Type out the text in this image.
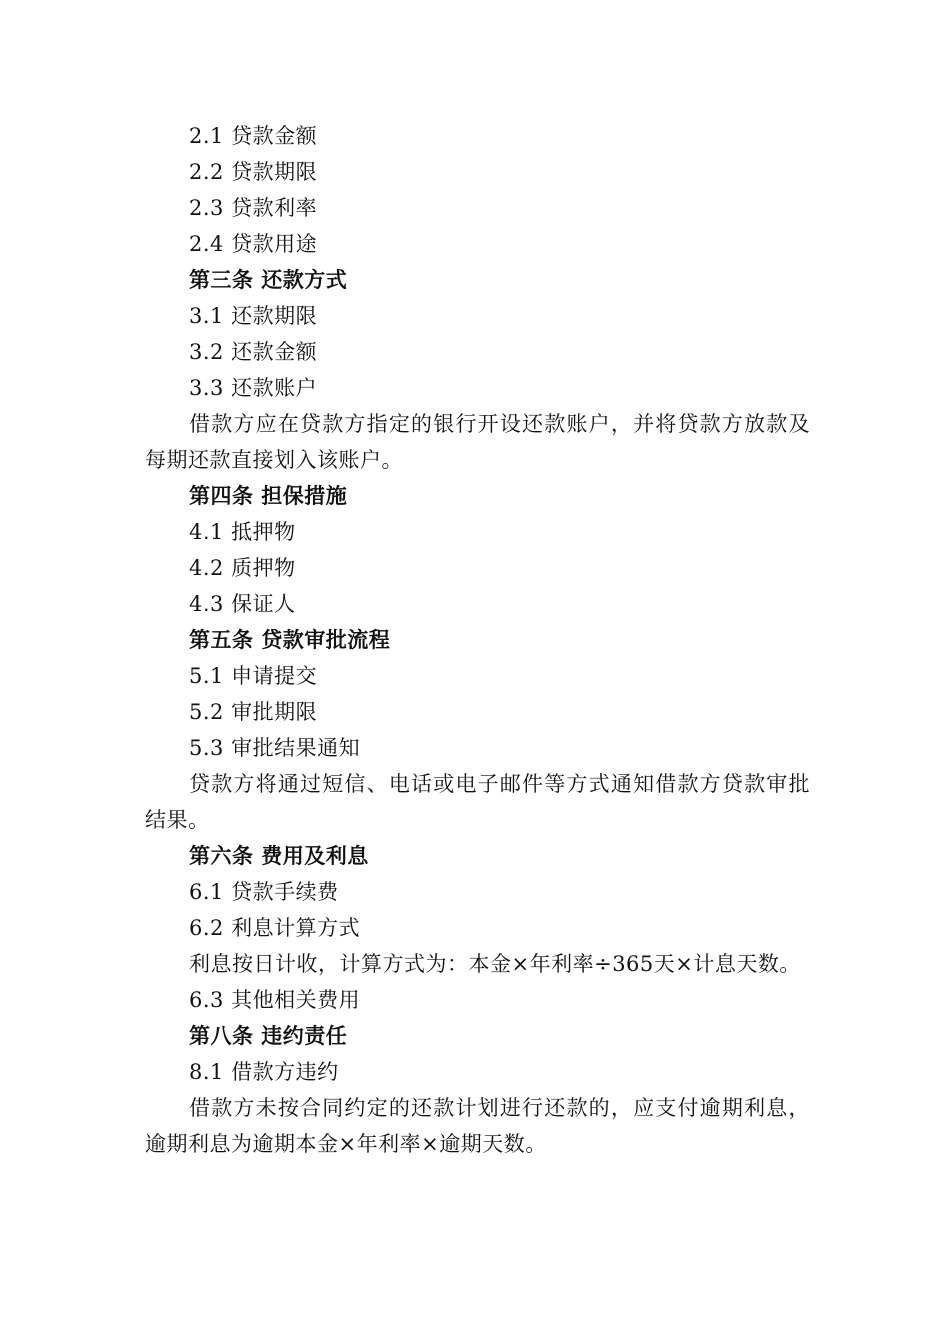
2.1 贷款金额
2.2 贷款期限
2.3 贷款利率
2.4 贷款用途
第三条 还款方式
3.1 还款期限
3.2 还款金额
3.3 还款账户

借款方应在贷款方指定的银行开设还款账户，并将贷款方放款及每期还款直接划入该账户。

第四条 担保措施
4.1 抵押物
4.2 质押物
4.3 保证人
第五条 贷款审批流程
5.1 申请提交
5.2 审批期限
5.3 审批结果通知

贷款方将通过短信、电话或电子邮件等方式通知借款方贷款审批结果。

第六条 费用及利息
6.1 贷款手续费
6.2 利息计算方式

利息按日计收，计算方式为：本金×年利率÷365天×计息天数。

6.3 其他相关费用
第八条 违约责任
8.1 借款方违约

借款方未按合同约定的还款计划进行还款的，应支付逾期利息，逾期利息为逾期本金×年利率×逾期天数。
